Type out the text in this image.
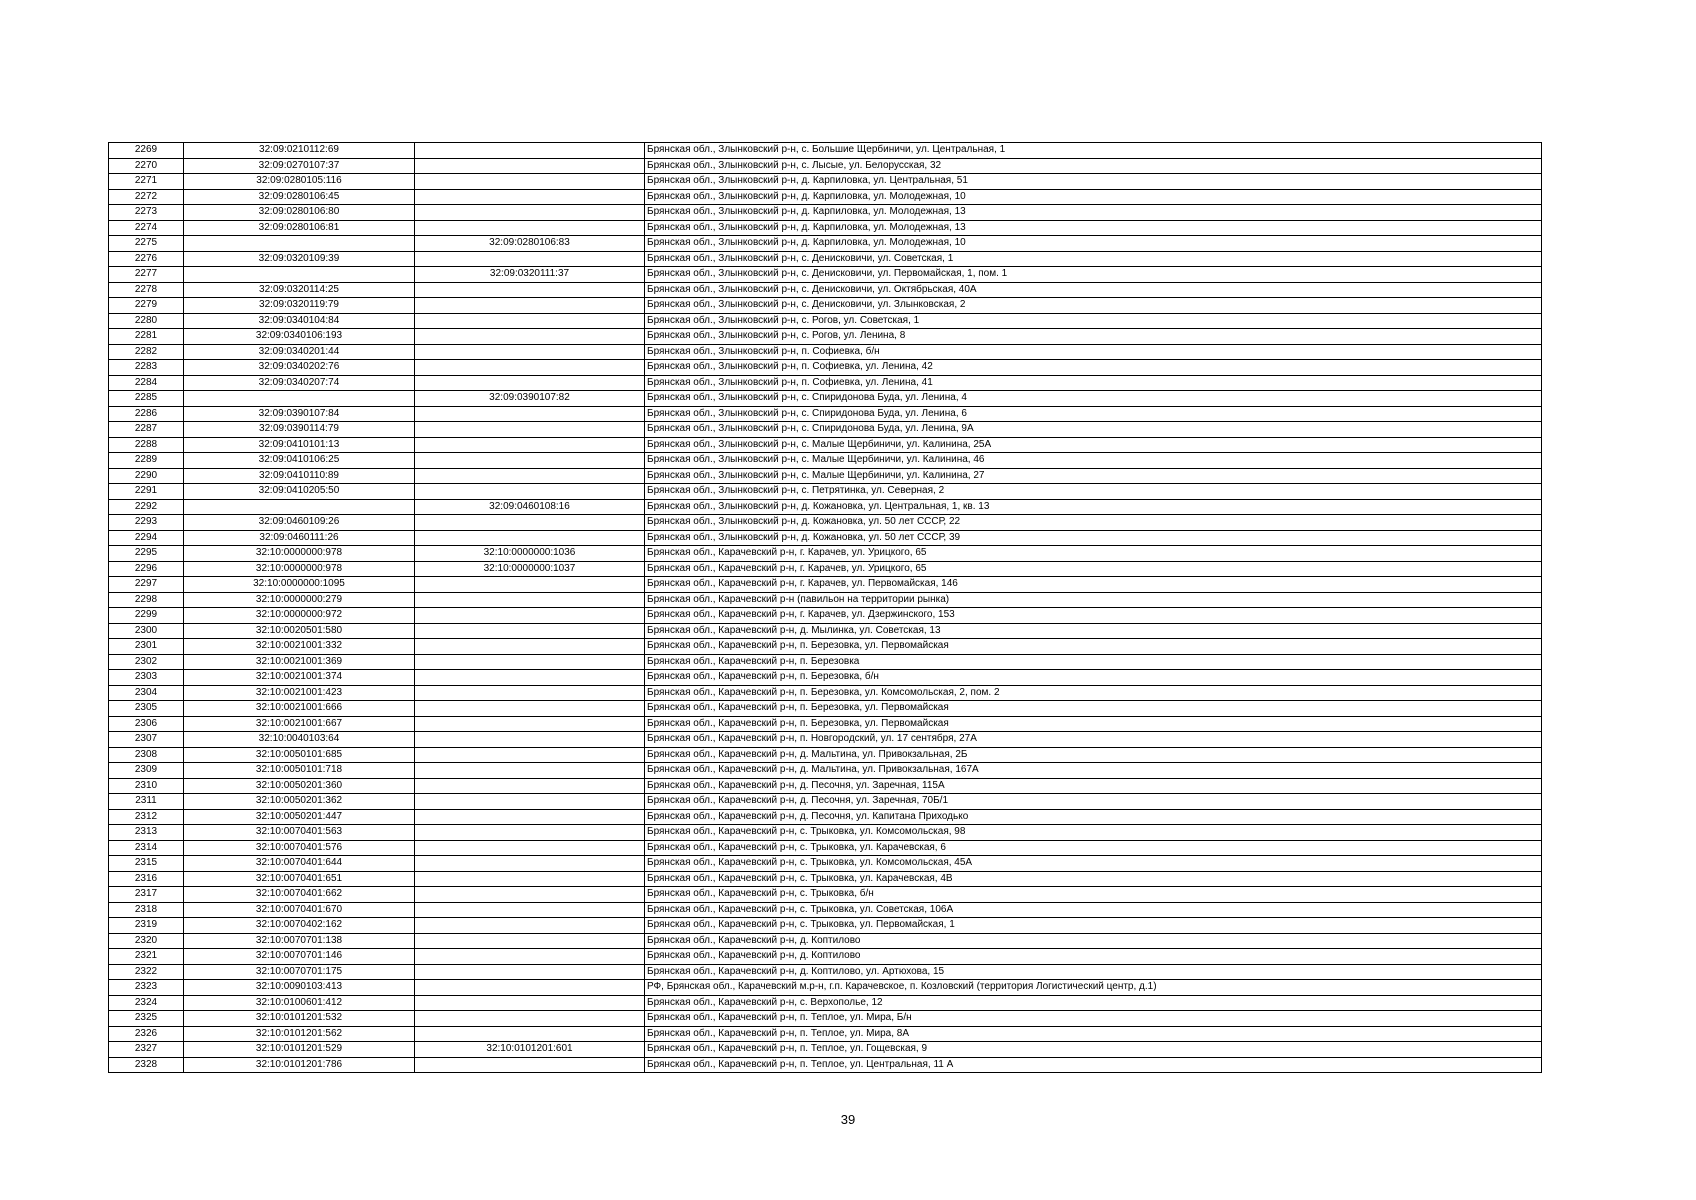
2269	32:09:0210112:69		Брянская обл., Злынковский р-н, с. Большие Щербиничи, ул. Центральная, 1
2270	32:09:0270107:37		Брянская обл., Злынковский р-н, с. Лысые, ул. Белорусская, 32
2271	32:09:0280105:116		Брянская обл., Злынковский р-н, д. Карпиловка, ул. Центральная, 51
2272	32:09:0280106:45		Брянская обл., Злынковский р-н, д. Карпиловка, ул. Молодежная, 10
2273	32:09:0280106:80		Брянская обл., Злынковский р-н, д. Карпиловка, ул. Молодежная, 13
2274	32:09:0280106:81		Брянская обл., Злынковский р-н, д. Карпиловка, ул. Молодежная, 13
2275		32:09:0280106:83	Брянская обл., Злынковский р-н, д. Карпиловка, ул. Молодежная, 10
2276	32:09:0320109:39		Брянская обл., Злынковский р-н, с. Денисковичи, ул. Советская, 1
2277		32:09:0320111:37	Брянская обл., Злынковский р-н, с. Денисковичи, ул. Первомайская, 1, пом. 1
2278	32:09:0320114:25		Брянская обл., Злынковский р-н, с. Денисковичи, ул. Октябрьская, 40А
2279	32:09:0320119:79		Брянская обл., Злынковский р-н, с. Денисковичи, ул. Злынковская, 2
2280	32:09:0340104:84		Брянская обл., Злынковский р-н, с. Рогов, ул. Советская, 1
2281	32:09:0340106:193		Брянская обл., Злынковский р-н, с. Рогов, ул. Ленина, 8
2282	32:09:0340201:44		Брянская обл., Злынковский р-н, п. Софиевка, б/н
2283	32:09:0340202:76		Брянская обл., Злынковский р-н, п. Софиевка, ул. Ленина, 42
2284	32:09:0340207:74		Брянская обл., Злынковский р-н, п. Софиевка, ул. Ленина, 41
2285		32:09:0390107:82	Брянская обл., Злынковский р-н, с. Спиридонова Буда, ул. Ленина, 4
2286	32:09:0390107:84		Брянская обл., Злынковский р-н, с. Спиридонова Буда, ул. Ленина, 6
2287	32:09:0390114:79		Брянская обл., Злынковский р-н, с. Спиридонова Буда, ул. Ленина, 9А
2288	32:09:0410101:13		Брянская обл., Злынковский р-н, с. Малые Щербиничи, ул. Калинина, 25А
2289	32:09:0410106:25		Брянская обл., Злынковский р-н, с. Малые Щербиничи, ул. Калинина, 46
2290	32:09:0410110:89		Брянская обл., Злынковский р-н, с. Малые Щербиничи, ул. Калинина, 27
2291	32:09:0410205:50		Брянская обл., Злынковский р-н, с. Петрятинка, ул. Северная, 2
2292		32:09:0460108:16	Брянская обл., Злынковский р-н, д. Кожановка, ул. Центральная, 1, кв. 13
2293	32:09:0460109:26		Брянская обл., Злынковский р-н, д. Кожановка, ул. 50 лет СССР, 22
2294	32:09:0460111:26		Брянская обл., Злынковский р-н, д. Кожановка, ул. 50 лет СССР, 39
2295	32:10:0000000:978	32:10:0000000:1036	Брянская обл., Карачевский р-н, г. Карачев, ул. Урицкого, 65
2296	32:10:0000000:978	32:10:0000000:1037	Брянская обл., Карачевский р-н, г. Карачев, ул. Урицкого, 65
2297	32:10:0000000:1095		Брянская обл., Карачевский р-н, г. Карачев, ул. Первомайская, 146
2298	32:10:0000000:279		Брянская обл., Карачевский р-н (павильон на территории рынка)
2299	32:10:0000000:972		Брянская обл., Карачевский р-н, г. Карачев, ул. Дзержинского, 153
2300	32:10:0020501:580		Брянская обл., Карачевский р-н, д. Мылинка, ул. Советская, 13
2301	32:10:0021001:332		Брянская обл., Карачевский р-н, п. Березовка, ул. Первомайская
2302	32:10:0021001:369		Брянская обл., Карачевский р-н, п. Березовка
2303	32:10:0021001:374		Брянская обл., Карачевский р-н, п. Березовка, б/н
2304	32:10:0021001:423		Брянская обл., Карачевский р-н, п. Березовка, ул. Комсомольская, 2, пом. 2
2305	32:10:0021001:666		Брянская обл., Карачевский р-н, п. Березовка, ул. Первомайская
2306	32:10:0021001:667		Брянская обл., Карачевский р-н, п. Березовка, ул. Первомайская
2307	32:10:0040103:64		Брянская обл., Карачевский р-н, п. Новгородский, ул. 17 сентября, 27А
2308	32:10:0050101:685		Брянская обл., Карачевский р-н, д. Мальтина, ул. Привокзальная, 2Б
2309	32:10:0050101:718		Брянская обл., Карачевский р-н, д. Мальтина, ул. Привокзальная, 167А
2310	32:10:0050201:360		Брянская обл., Карачевский р-н, д. Песочня, ул. Заречная, 115А
2311	32:10:0050201:362		Брянская обл., Карачевский р-н, д. Песочня, ул. Заречная, 70Б/1
2312	32:10:0050201:447		Брянская обл., Карачевский р-н, д. Песочня, ул. Капитана Приходько
2313	32:10:0070401:563		Брянская обл., Карачевский р-н, с. Трыковка, ул. Комсомольская, 98
2314	32:10:0070401:576		Брянская обл., Карачевский р-н, с. Трыковка, ул. Карачевская, 6
2315	32:10:0070401:644		Брянская обл., Карачевский р-н, с. Трыковка, ул. Комсомольская, 45А
2316	32:10:0070401:651		Брянская обл., Карачевский р-н, с. Трыковка, ул. Карачевская, 4В
2317	32:10:0070401:662		Брянская обл., Карачевский р-н, с. Трыковка, б/н
2318	32:10:0070401:670		Брянская обл., Карачевский р-н, с. Трыковка, ул. Советская, 106А
2319	32:10:0070402:162		Брянская обл., Карачевский р-н, с. Трыковка, ул. Первомайская, 1
2320	32:10:0070701:138		Брянская обл., Карачевский р-н, д. Коптилово
2321	32:10:0070701:146		Брянская обл., Карачевский р-н, д. Коптилово
2322	32:10:0070701:175		Брянская обл., Карачевский р-н, д. Коптилово, ул. Артюхова, 15
2323	32:10:0090103:413		РФ, Брянская обл., Карачевский м.р-н, г.п. Карачевское, п. Козловский (территория Логистический центр, д.1)
2324	32:10:0100601:412		Брянская обл., Карачевский р-н, с. Верхополье, 12
2325	32:10:0101201:532		Брянская обл., Карачевский р-н, п. Теплое, ул. Мира, Б/н
2326	32:10:0101201:562		Брянская обл., Карачевский р-н, п. Теплое, ул. Мира, 8А
2327	32:10:0101201:529	32:10:0101201:601	Брянская обл., Карачевский р-н, п. Теплое, ул. Гощевская, 9
2328	32:10:0101201:786		Брянская обл., Карачевский р-н, п. Теплое, ул. Центральная, 11 А
39
